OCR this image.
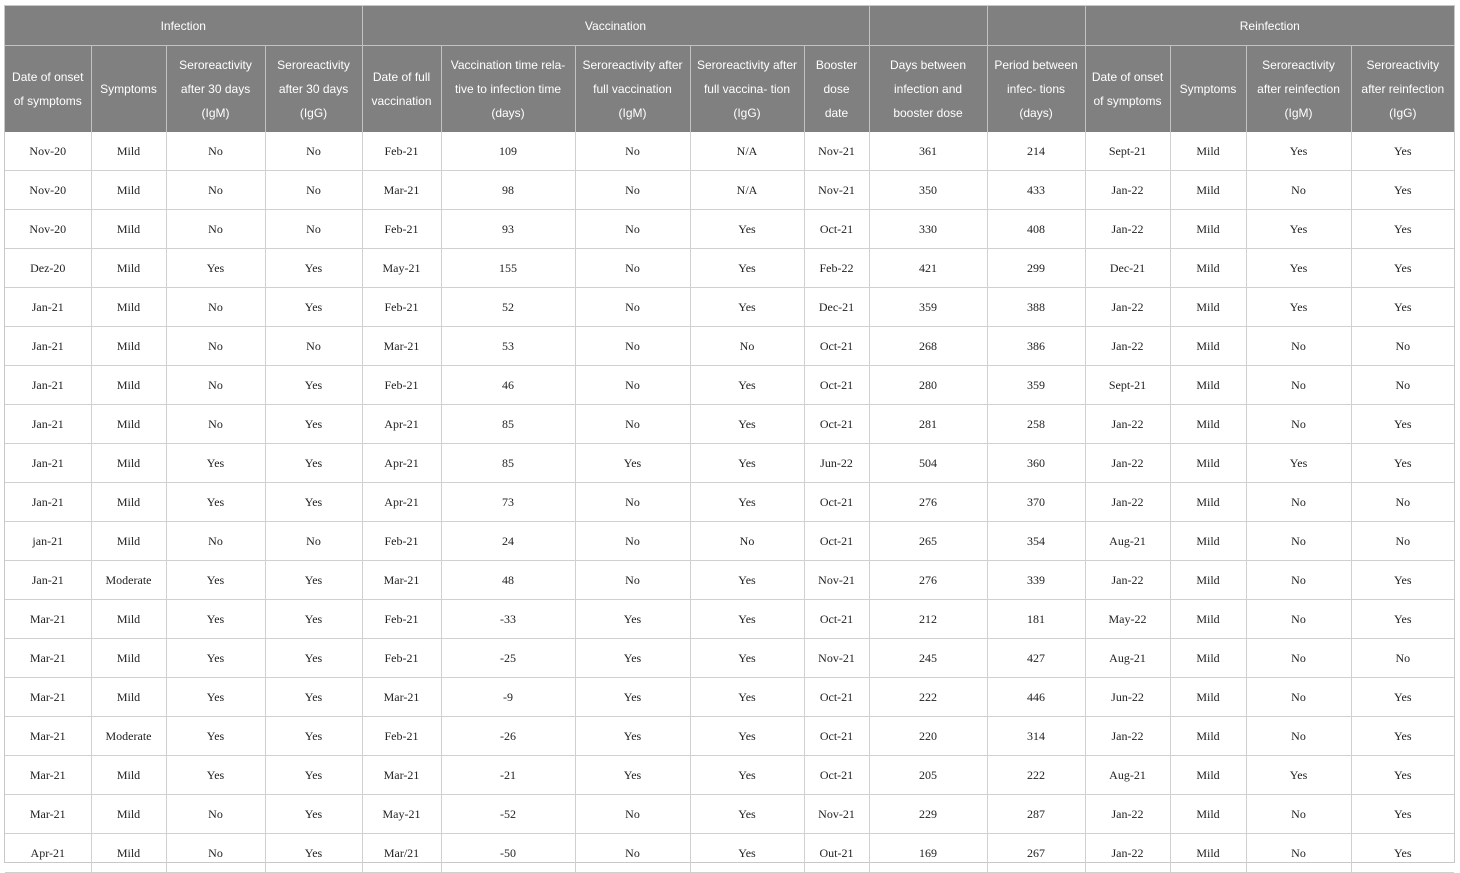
Infection				Vaccination							Reinfection			
Date of onset of symptoms	Symptoms	Seroreactivity after 30 days (IgM)	Seroreactivity after 30 days (IgG)	Date of full vaccination	Vaccination time rela- tive to infection time (days)	Seroreactivity after full vaccination (IgM)	Seroreactivity after full vaccina- tion (IgG)	Booster dose date	Days between infection and booster dose	Period between infec- tions (days)	Date of onset of symptoms	Symptoms	Seroreactivity after reinfection (IgM)	Seroreactivity after reinfection (IgG)
Nov-20	Mild	No	No	Feb-21	109	No	N/A	Nov-21	361	214	Sept-21	Mild	Yes	Yes
Nov-20	Mild	No	No	Mar-21	98	No	N/A	Nov-21	350	433	Jan-22	Mild	No	Yes
Nov-20	Mild	No	No	Feb-21	93	No	Yes	Oct-21	330	408	Jan-22	Mild	Yes	Yes
Dez-20	Mild	Yes	Yes	May-21	155	No	Yes	Feb-22	421	299	Dec-21	Mild	Yes	Yes
Jan-21	Mild	No	Yes	Feb-21	52	No	Yes	Dec-21	359	388	Jan-22	Mild	Yes	Yes
Jan-21	Mild	No	No	Mar-21	53	No	No	Oct-21	268	386	Jan-22	Mild	No	No
Jan-21	Mild	No	Yes	Feb-21	46	No	Yes	Oct-21	280	359	Sept-21	Mild	No	No
Jan-21	Mild	No	Yes	Apr-21	85	No	Yes	Oct-21	281	258	Jan-22	Mild	No	Yes
Jan-21	Mild	Yes	Yes	Apr-21	85	Yes	Yes	Jun-22	504	360	Jan-22	Mild	Yes	Yes
Jan-21	Mild	Yes	Yes	Apr-21	73	No	Yes	Oct-21	276	370	Jan-22	Mild	No	No
jan-21	Mild	No	No	Feb-21	24	No	No	Oct-21	265	354	Aug-21	Mild	No	No
Jan-21	Moderate	Yes	Yes	Mar-21	48	No	Yes	Nov-21	276	339	Jan-22	Mild	No	Yes
Mar-21	Mild	Yes	Yes	Feb-21	-33	Yes	Yes	Oct-21	212	181	May-22	Mild	No	Yes
Mar-21	Mild	Yes	Yes	Feb-21	-25	Yes	Yes	Nov-21	245	427	Aug-21	Mild	No	No
Mar-21	Mild	Yes	Yes	Mar-21	-9	Yes	Yes	Oct-21	222	446	Jun-22	Mild	No	Yes
Mar-21	Moderate	Yes	Yes	Feb-21	-26	Yes	Yes	Oct-21	220	314	Jan-22	Mild	No	Yes
Mar-21	Mild	Yes	Yes	Mar-21	-21	Yes	Yes	Oct-21	205	222	Aug-21	Mild	Yes	Yes
Mar-21	Mild	No	Yes	May-21	-52	No	Yes	Nov-21	229	287	Jan-22	Mild	No	Yes
Apr-21	Mild	No	Yes	Mar/21	-50	No	Yes	Out-21	169	267	Jan-22	Mild	No	Yes
